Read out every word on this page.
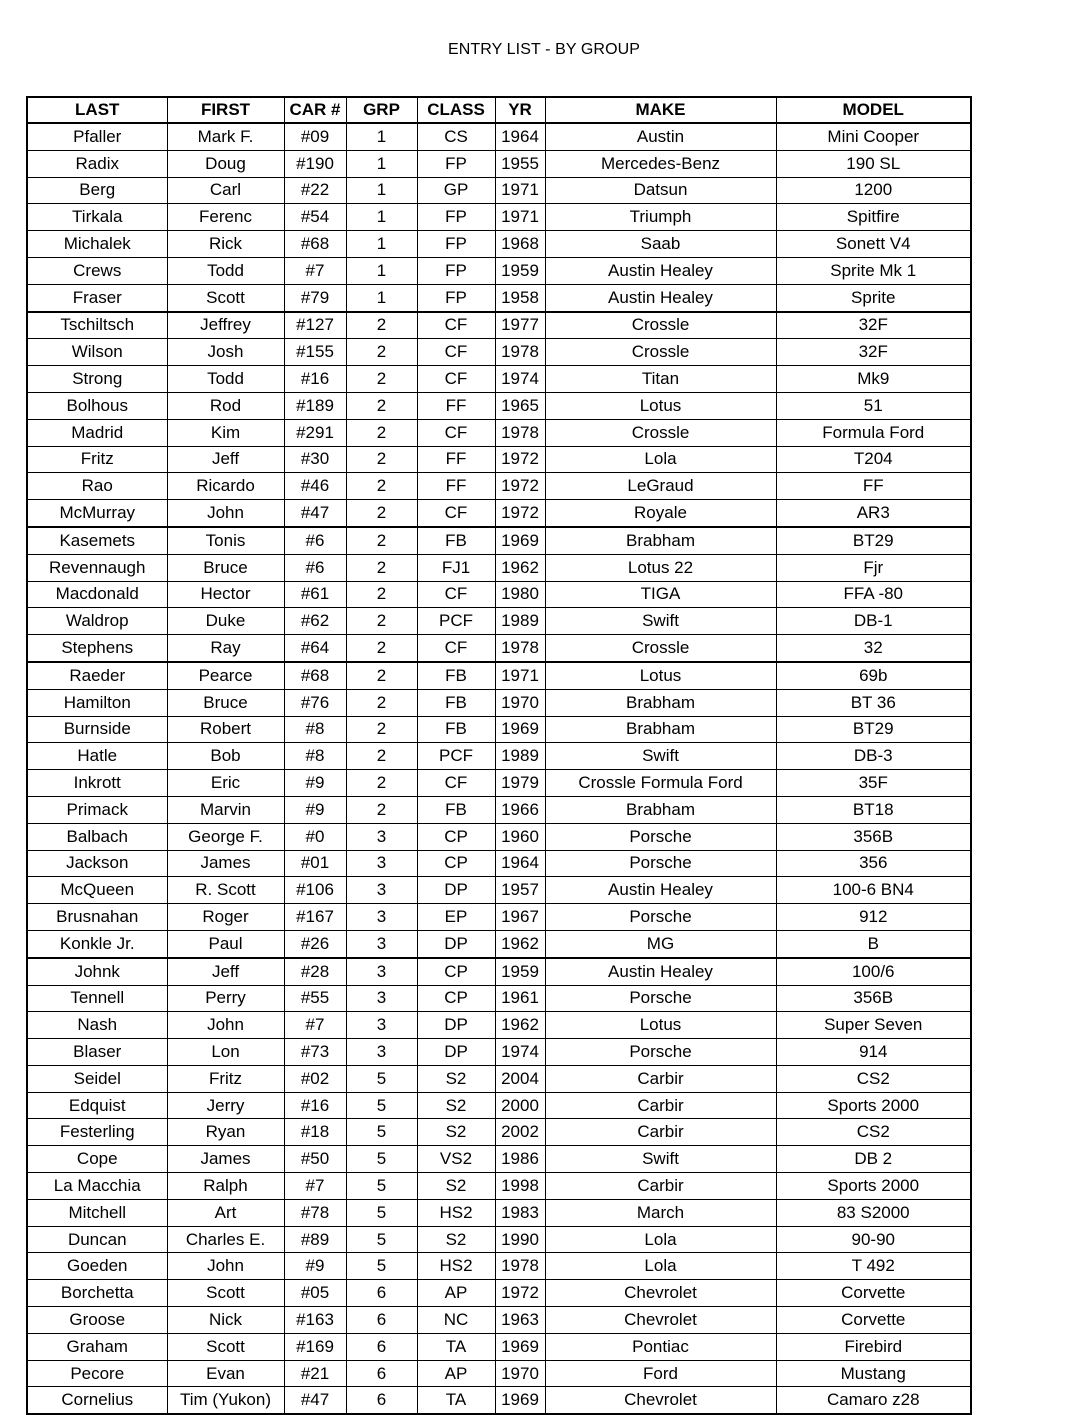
ENTRY LIST - BY GROUP
LAST	FIRST	CAR #	GRP	CLASS	YR	MAKE	MODEL
Pfaller	Mark F.	#09	1	CS	1964	Austin	Mini Cooper
Radix	Doug	#190	1	FP	1955	Mercedes-Benz	190 SL
Berg	Carl	#22	1	GP	1971	Datsun	1200
Tirkala	Ferenc	#54	1	FP	1971	Triumph	Spitfire
Michalek	Rick	#68	1	FP	1968	Saab	Sonett V4
Crews	Todd	#7	1	FP	1959	Austin Healey	Sprite Mk 1
Fraser	Scott	#79	1	FP	1958	Austin Healey	Sprite
Tschiltsch	Jeffrey	#127	2	CF	1977	Crossle	32F
Wilson	Josh	#155	2	CF	1978	Crossle	32F
Strong	Todd	#16	2	CF	1974	Titan	Mk9
Bolhous	Rod	#189	2	FF	1965	Lotus	51
Madrid	Kim	#291	2	CF	1978	Crossle	Formula Ford
Fritz	Jeff	#30	2	FF	1972	Lola	T204
Rao	Ricardo	#46	2	FF	1972	LeGraud	FF
McMurray	John	#47	2	CF	1972	Royale	AR3
Kasemets	Tonis	#6	2	FB	1969	Brabham	BT29
Revennaugh	Bruce	#6	2	FJ1	1962	Lotus 22	Fjr
Macdonald	Hector	#61	2	CF	1980	TIGA	FFA -80
Waldrop	Duke	#62	2	PCF	1989	Swift	DB-1
Stephens	Ray	#64	2	CF	1978	Crossle	32
Raeder	Pearce	#68	2	FB	1971	Lotus	69b
Hamilton	Bruce	#76	2	FB	1970	Brabham	BT 36
Burnside	Robert	#8	2	FB	1969	Brabham	BT29
Hatle	Bob	#8	2	PCF	1989	Swift	DB-3
Inkrott	Eric	#9	2	CF	1979	Crossle Formula Ford	35F
Primack	Marvin	#9	2	FB	1966	Brabham	BT18
Balbach	George F.	#0	3	CP	1960	Porsche	356B
Jackson	James	#01	3	CP	1964	Porsche	356
McQueen	R. Scott	#106	3	DP	1957	Austin Healey	100-6 BN4
Brusnahan	Roger	#167	3	EP	1967	Porsche	912
Konkle Jr.	Paul	#26	3	DP	1962	MG	B
Johnk	Jeff	#28	3	CP	1959	Austin Healey	100/6
Tennell	Perry	#55	3	CP	1961	Porsche	356B
Nash	John	#7	3	DP	1962	Lotus	Super Seven
Blaser	Lon	#73	3	DP	1974	Porsche	914
Seidel	Fritz	#02	5	S2	2004	Carbir	CS2
Edquist	Jerry	#16	5	S2	2000	Carbir	Sports 2000
Festerling	Ryan	#18	5	S2	2002	Carbir	CS2
Cope	James	#50	5	VS2	1986	Swift	DB 2
La Macchia	Ralph	#7	5	S2	1998	Carbir	Sports 2000
Mitchell	Art	#78	5	HS2	1983	March	83 S2000
Duncan	Charles E.	#89	5	S2	1990	Lola	90-90
Goeden	John	#9	5	HS2	1978	Lola	T 492
Borchetta	Scott	#05	6	AP	1972	Chevrolet	Corvette
Groose	Nick	#163	6	NC	1963	Chevrolet	Corvette
Graham	Scott	#169	6	TA	1969	Pontiac	Firebird
Pecore	Evan	#21	6	AP	1970	Ford	Mustang
Cornelius	Tim (Yukon)	#47	6	TA	1969	Chevrolet	Camaro z28
